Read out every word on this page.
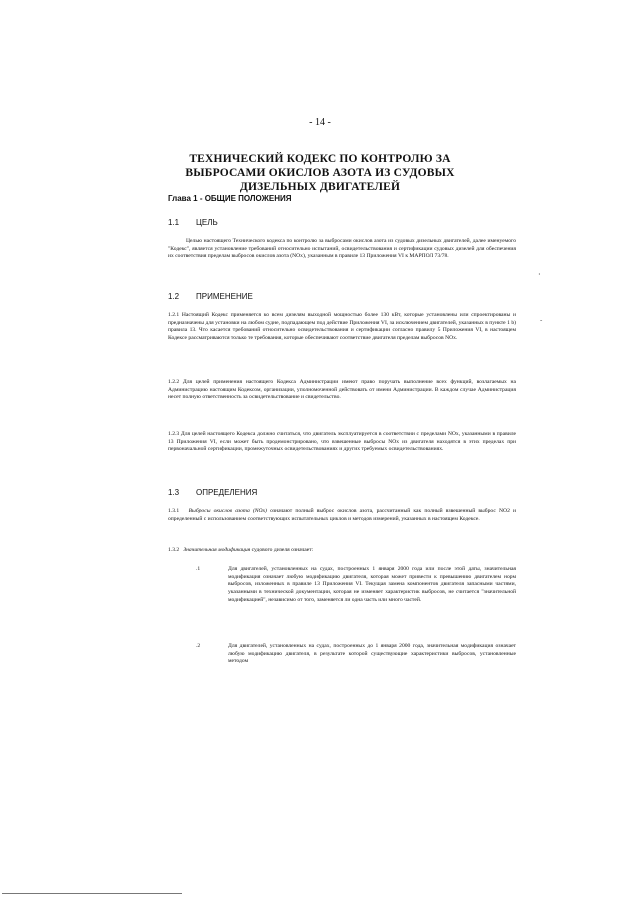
- 14 -
ТЕХНИЧЕСКИЙ КОДЕКС ПО КОНТРОЛЮ ЗА ВЫБРОСАМИ ОКИСЛОВ АЗОТА ИЗ СУДОВЫХ ДИЗЕЛЬНЫХ ДВИГАТЕЛЕЙ
Глава 1 - ОБЩИЕ ПОЛОЖЕНИЯ
1.1 ЦЕЛЬ
Целью настоящего Технического кодекса по контролю за выбросами окислов азота из судовых дизельных двигателей, далее именуемого "Кодекс", является установление требований относительно испытаний, освидетельствования и сертификации судовых дизелей для обеспечения их соответствия пределам выбросов окислов азота (NOx), указанным в правиле 13 Приложения VI к МАРПОЛ 73/78.
1.2 ПРИМЕНЕНИЕ
1.2.1 Настоящий Кодекс применяется ко всем дизелям выходной мощностью более 130 кВт, которые установлены или спроектированы и предназначены для установки на любом судне, подпадающем под действие Приложения VI, за исключением двигателей, указанных в пункте 1 b) правила 13. Что касается требований относительно освидетельствования и сертификации согласно правилу 5 Приложения VI, в настоящем Кодексе рассматриваются только те требования, которые обеспечивают соответствие двигателя пределам выбросов NOx.
1.2.2 Для целей применения настоящего Кодекса Администрации имеют право поручать выполнение всех функций, возлагаемых на Администрацию настоящим Кодексом, организации, уполномоченной действовать от имени Администрации. В каждом случае Администрация несет полную ответственность за освидетельствование и свидетельство.
1.2.3 Для целей настоящего Кодекса должно считаться, что двигатель эксплуатируется в соответствии с пределами NOx, указанными в правиле 13 Приложения VI, если может быть продемонстрировано, что взвешенные выбросы NOx из двигателя находятся в этих пределах при первоначальной сертификации, промежуточных освидетельствованиях и других требуемых освидетельствованиях.
1.3 ОПРЕДЕЛЕНИЯ
1.3.1 Выбросы окислов азота (NOx) означают полный выброс окислов азота, рассчитанный как полный взвешенный выброс NO2 и определенный с использованием соответствующих испытательных циклов и методов измерений, указанных в настоящем Кодексе.
1.3.2 Значительная модификация судового дизеля означает:
.1	Для двигателей, установленных на судах, построенных 1 января 2000 года или после этой даты, значительная модификация означает любую модификацию двигателя, которая может привести к превышению двигателем норм выбросов, изложенных в правиле 13 Приложения VI. Текущая замена компонентов двигателя запасными частями, указанными в технической документации, которая не изменяет характеристик выбросов, не считается "значительной модификацией", независимо от того, заменяется ли одна часть или много частей.
.2	Для двигателей, установленных на судах, построенных до 1 января 2000 года, значительная модификация означает любую модификацию двигателя, в результате которой существующие характеристики выбросов, установленные методом
·
-
